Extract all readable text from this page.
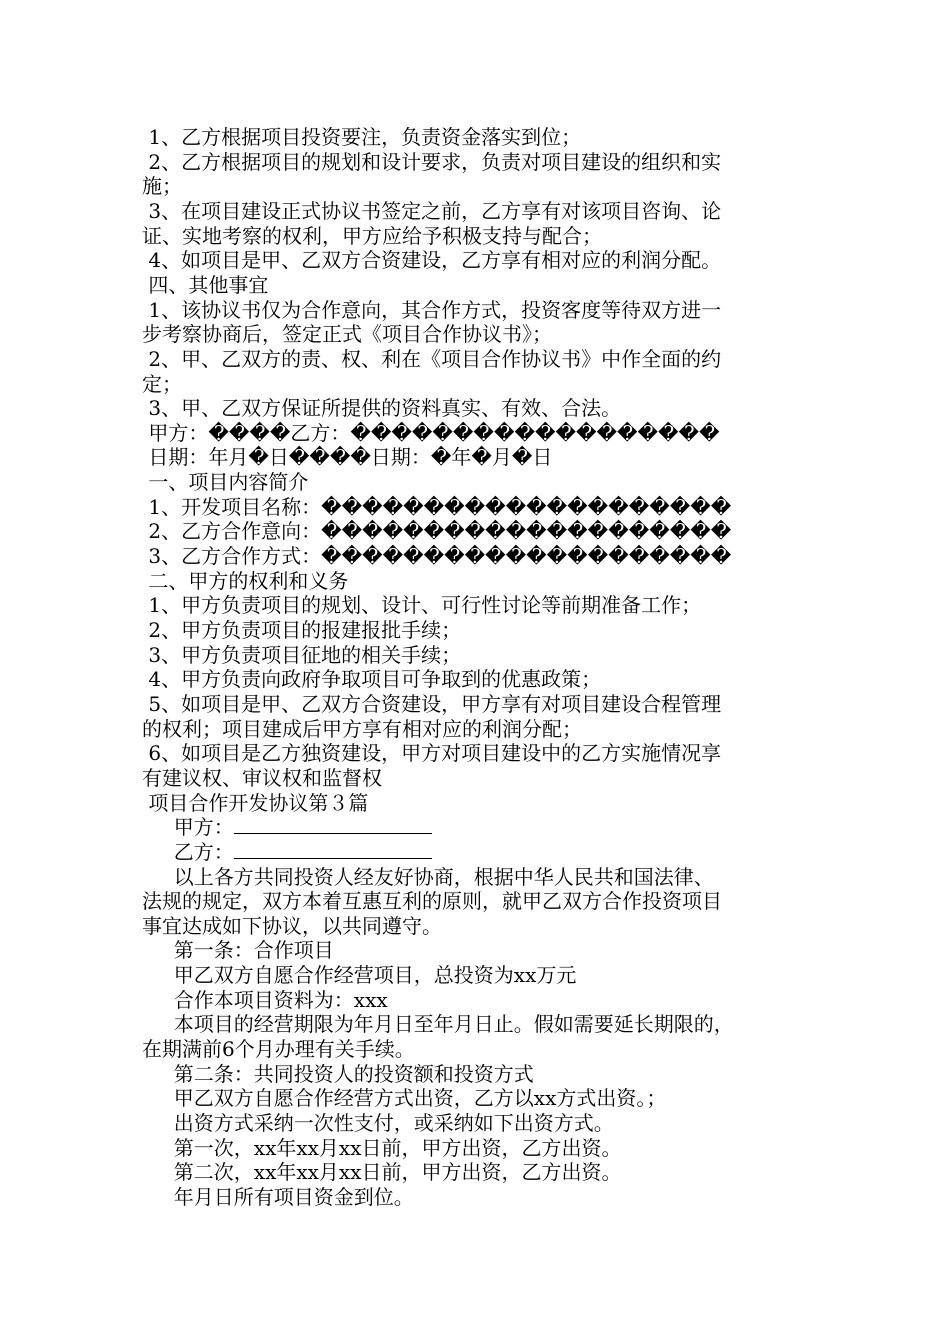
1、乙方根据项目投资要注，负责资金落实到位；
2、乙方根据项目的规划和设计要求，负责对项目建设的组织和实
施；
3、在项目建设正式协议书签定之前，乙方享有对该项目咨询、论
证、实地考察的权利，甲方应给予积极支持与配合；
4、如项目是甲、乙双方合资建设，乙方享有相对应的利润分配。
四、其他事宜
1、该协议书仅为合作意向，其合作方式，投资客度等待双方进一
步考察协商后，签定正式《项目合作协议书》；
2、甲、乙双方的责、权、利在《项目合作协议书》中作全面的约
定；
3、甲、乙双方保证所提供的资料真实、有效、合法。
甲方：����乙方：������������������
日期：年月�日����日期：�年�月�日
一、项目内容简介
1、开发项目名称：��������������������
2、乙方合作意向：��������������������
3、乙方合作方式：��������������������
二、甲方的权利和义务
1、甲方负责项目的规划、设计、可行性讨论等前期准备工作；
2、甲方负责项目的报建报批手续；
3、甲方负责项目征地的相关手续；
4、甲方负责向政府争取项目可争取到的优惠政策；
5、如项目是甲、乙双方合资建设，甲方享有对项目建设合程管理
的权利；项目建成后甲方享有相对应的利润分配；
6、如项目是乙方独资建设，甲方对项目建设中的乙方实施情况享
有建议权、审议权和监督权
项目合作开发协议第３篇
甲方：
乙方：
以上各方共同投资人经友好协商，根据中华人民共和国法律、
法规的规定，双方本着互惠互利的原则，就甲乙双方合作投资项目
事宜达成如下协议，以共同遵守。
第一条：合作项目
甲乙双方自愿合作经营项目，总投资为xx万元
合作本项目资料为：xxx
本项目的经营期限为年月日至年月日止。假如需要延长期限的，
在期满前6个月办理有关手续。
第二条：共同投资人的投资额和投资方式
甲乙双方自愿合作经营方式出资，乙方以xx方式出资。；
出资方式采纳一次性支付，或采纳如下出资方式。
第一次，xx年xx月xx日前，甲方出资，乙方出资。
第二次，xx年xx月xx日前，甲方出资，乙方出资。
年月日所有项目资金到位。
